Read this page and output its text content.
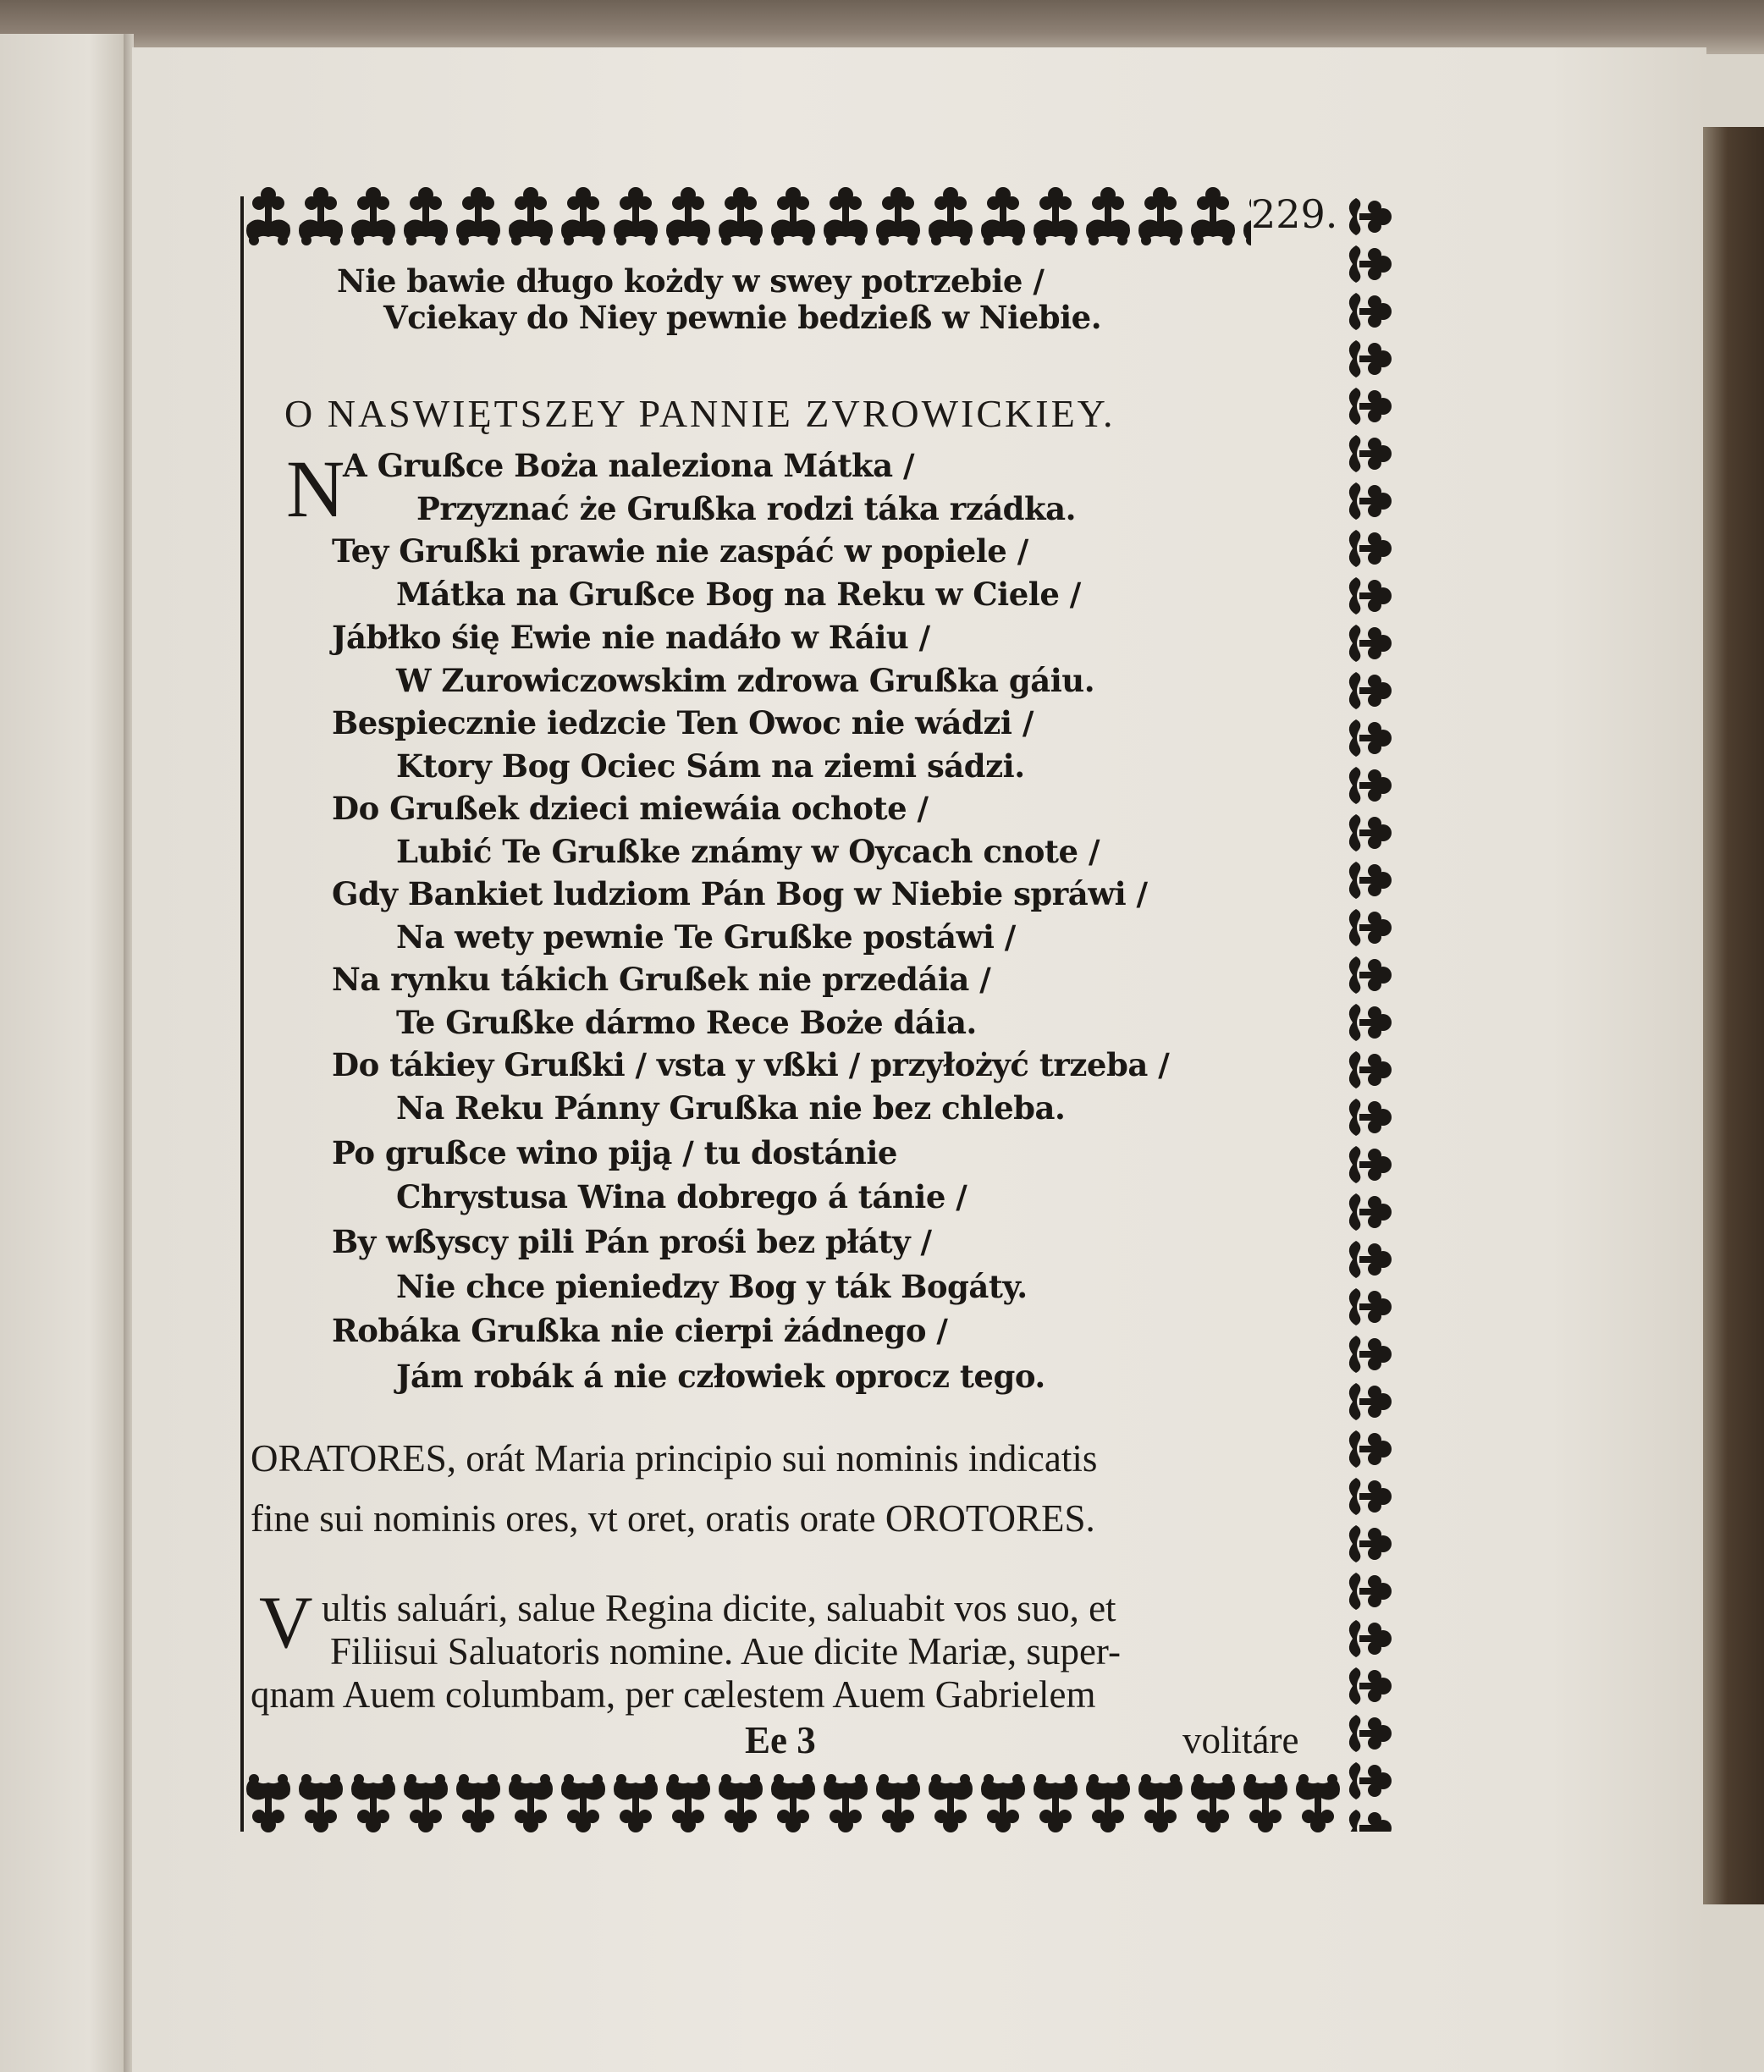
229.
Nie bawie długo kożdy w swey potrzebie /
Vciekay do Niey pewnie bedzieß w Niebie.
O NASWIĘTSZEY PANNIE ZVROWICKIEY.
N
A Grußce Boża naleziona Mátka /
Przyznać że Grußka rodzi táka rzádka.
Tey Grußki prawie nie zaspáć w popiele /
Mátka na Grußce Bog na Reku w Ciele /
Jábłko śię Ewie nie nadáło w Ráiu /
W Zurowiczowskim zdrowa Grußka gáiu.
Bespiecznie iedzcie Ten Owoc nie wádzi /
Ktory Bog Ociec Sám na ziemi sádzi.
Do Grußek dzieci miewáia ochote /
Lubić Te Grußke známy w Oycach cnote /
Gdy Bankiet ludziom Pán Bog w Niebie spráwi /
Na wety pewnie Te Grußke postáwi /
Na rynku tákich Grußek nie przedáia /
Te Grußke dármo Rece Boże dáia.
Do tákiey Grußki / vsta y vßki / przyłożyć trzeba /
Na Reku Pánny Grußka nie bez chleba.
Po grußce wino piją / tu dostánie
Chrystusa Wina dobrego á tánie /
By wßyscy pili Pán prośi bez płáty /
Nie chce pieniedzy Bog y ták Bogáty.
Robáka Grußka nie cierpi żádnego /
Jám robák á nie człowiek oprocz tego.
ORATORES, orát Maria principio sui nominis indicatis
fine sui nominis ores, vt oret, oratis orate OROTORES.
V ultis saluári, salue Regina dicite, saluabit vos suo, et
Filiisui Saluatoris nomine. Aue dicite Mariæ, super-
qnam Auem columbam, per cælestem Auem Gabrielem
Ee 3	volitáre
